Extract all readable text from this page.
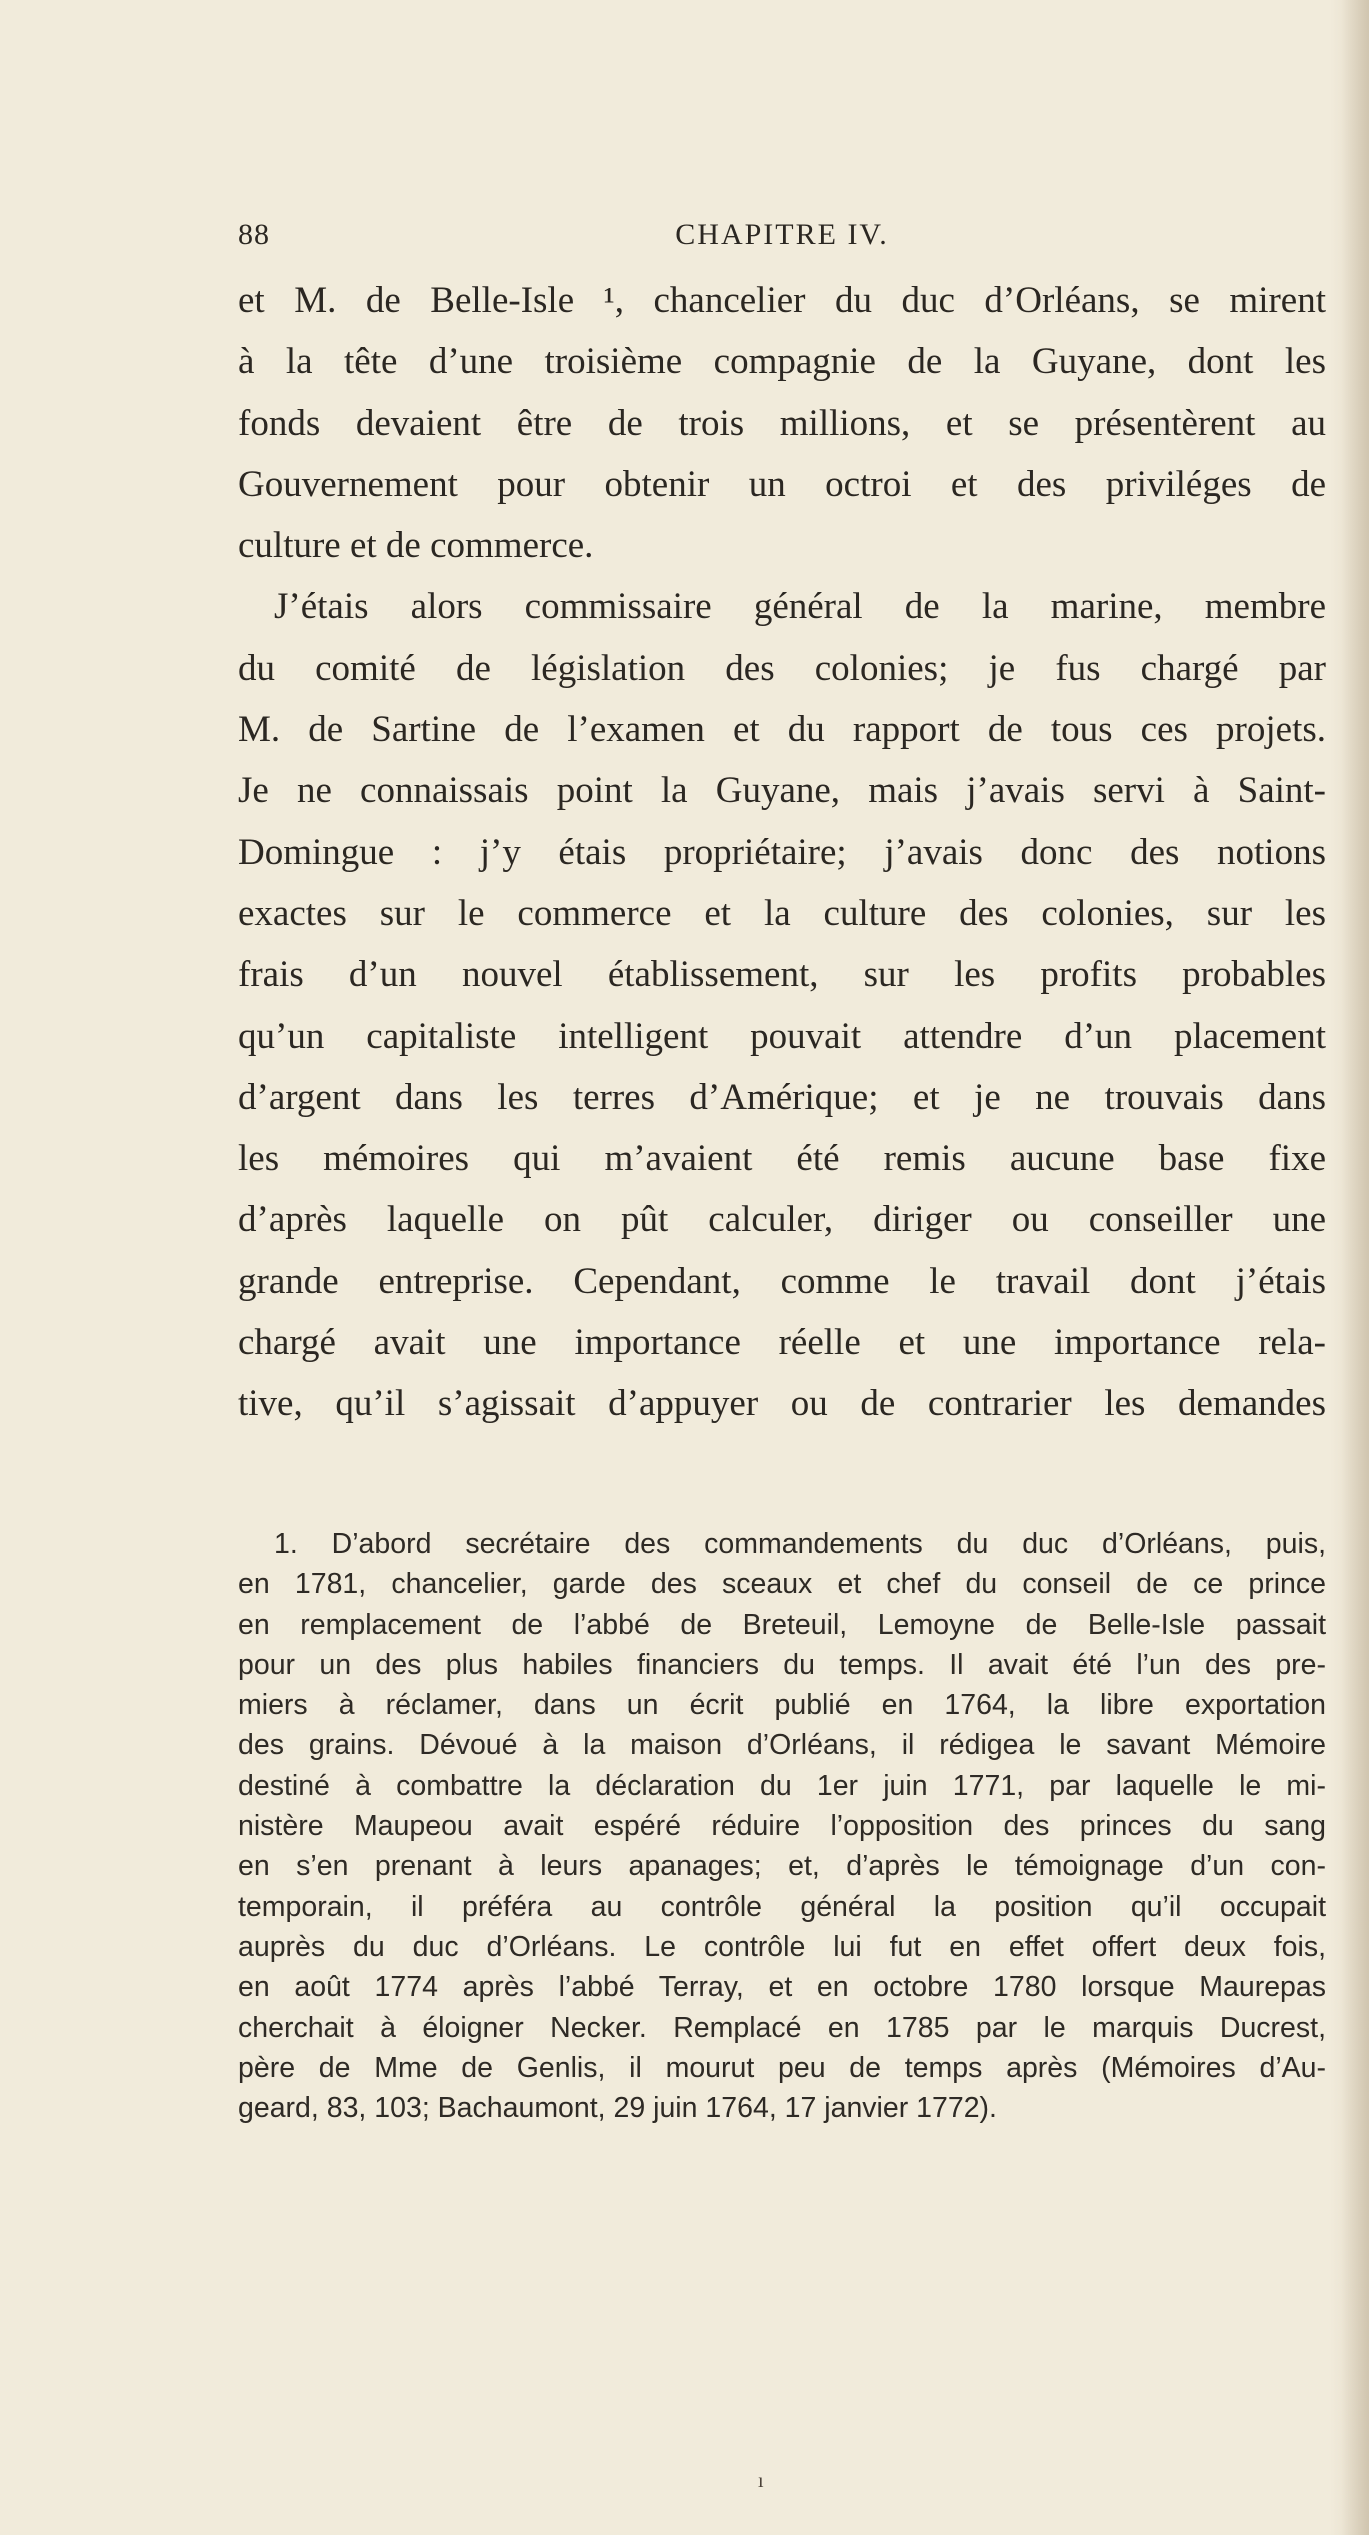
88	CHAPITRE IV.
et M. de Belle-Isle ¹, chancelier du duc d’Orléans, se mirent
à la tête d’une troisième compagnie de la Guyane, dont les
fonds devaient être de trois millions, et se présentèrent au
Gouvernement pour obtenir un octroi et des priviléges de
culture et de commerce.
J’étais alors commissaire général de la marine, membre
du comité de législation des colonies; je fus chargé par
M. de Sartine de l’examen et du rapport de tous ces projets.
Je ne connaissais point la Guyane, mais j’avais servi à Saint-
Domingue : j’y étais propriétaire; j’avais donc des notions
exactes sur le commerce et la culture des colonies, sur les
frais d’un nouvel établissement, sur les profits probables
qu’un capitaliste intelligent pouvait attendre d’un placement
d’argent dans les terres d’Amérique; et je ne trouvais dans
les mémoires qui m’avaient été remis aucune base fixe
d’après laquelle on pût calculer, diriger ou conseiller une
grande entreprise. Cependant, comme le travail dont j’étais
chargé avait une importance réelle et une importance rela-
tive, qu’il s’agissait d’appuyer ou de contrarier les demandes
1. D’abord secrétaire des commandements du duc d’Orléans, puis,
en 1781, chancelier, garde des sceaux et chef du conseil de ce prince
en remplacement de l’abbé de Breteuil, Lemoyne de Belle-Isle passait
pour un des plus habiles financiers du temps. Il avait été l’un des pre-
miers à réclamer, dans un écrit publié en 1764, la libre exportation
des grains. Dévoué à la maison d’Orléans, il rédigea le savant Mémoire
destiné à combattre la déclaration du 1er juin 1771, par laquelle le mi-
nistère Maupeou avait espéré réduire l’opposition des princes du sang
en s’en prenant à leurs apanages; et, d’après le témoignage d’un con-
temporain, il préféra au contrôle général la position qu’il occupait
auprès du duc d’Orléans. Le contrôle lui fut en effet offert deux fois,
en août 1774 après l’abbé Terray, et en octobre 1780 lorsque Maurepas
cherchait à éloigner Necker. Remplacé en 1785 par le marquis Ducrest,
père de Mme de Genlis, il mourut peu de temps après (Mémoires d’Au-
geard, 83, 103; Bachaumont, 29 juin 1764, 17 janvier 1772).
ı
